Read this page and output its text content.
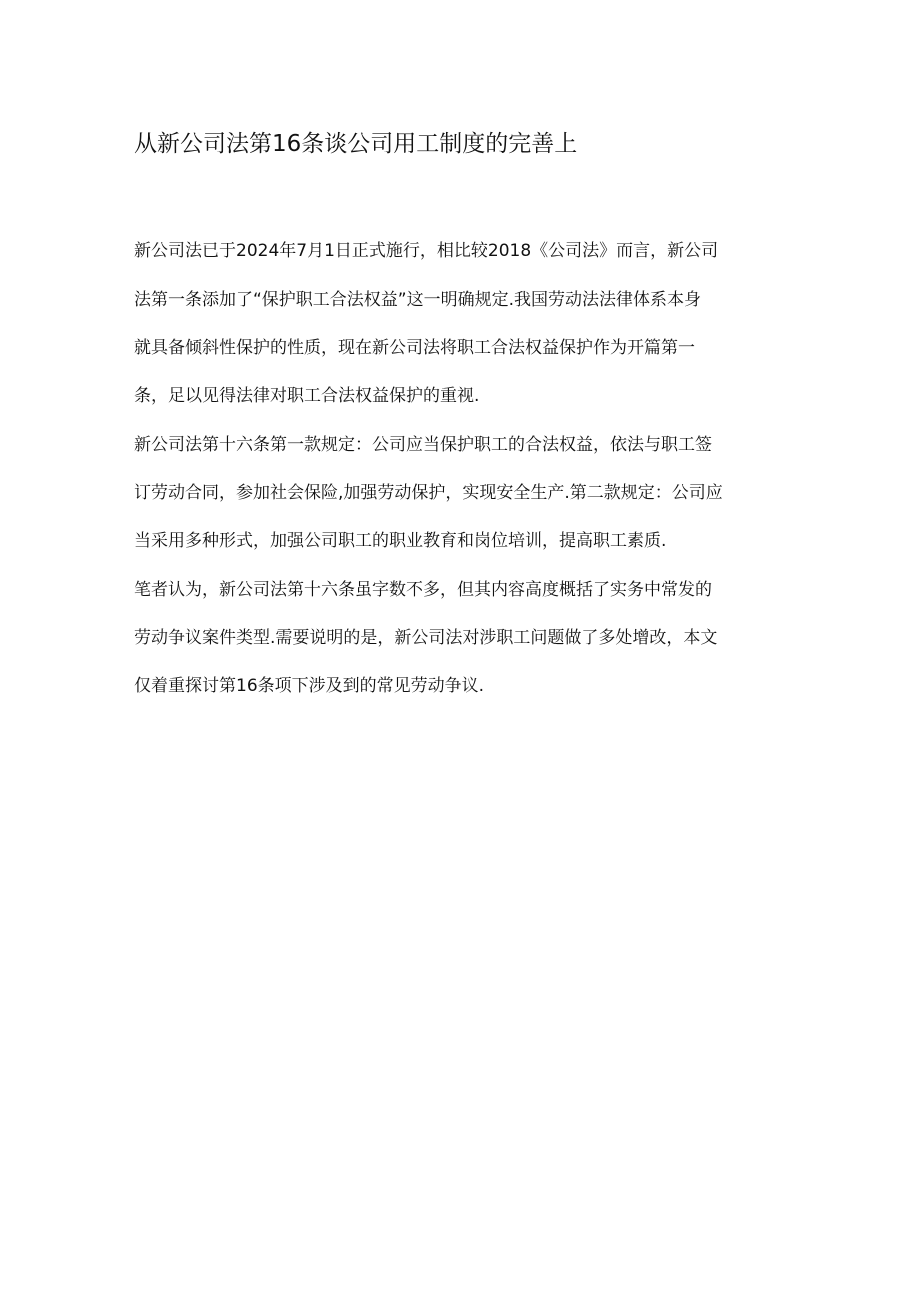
从新公司法第16条谈公司用工制度的完善上

新公司法已于2024年7月1日正式施行，相比较2018《公司法》而言，新公司

法第一条添加了“保护职工合法权益”这一明确规定.我国劳动法法律体系本身

就具备倾斜性保护的性质，现在新公司法将职工合法权益保护作为开篇第一

条，足以见得法律对职工合法权益保护的重视.

新公司法第十六条第一款规定：公司应当保护职工的合法权益，依法与职工签

订劳动合同，参加社会保险,加强劳动保护，实现安全生产.第二款规定：公司应

当采用多种形式，加强公司职工的职业教育和岗位培训，提高职工素质.

笔者认为，新公司法第十六条虽字数不多，但其内容高度概括了实务中常发的

劳动争议案件类型.需要说明的是，新公司法对涉职工问题做了多处增改，本文

仅着重探讨第16条项下涉及到的常见劳动争议.
